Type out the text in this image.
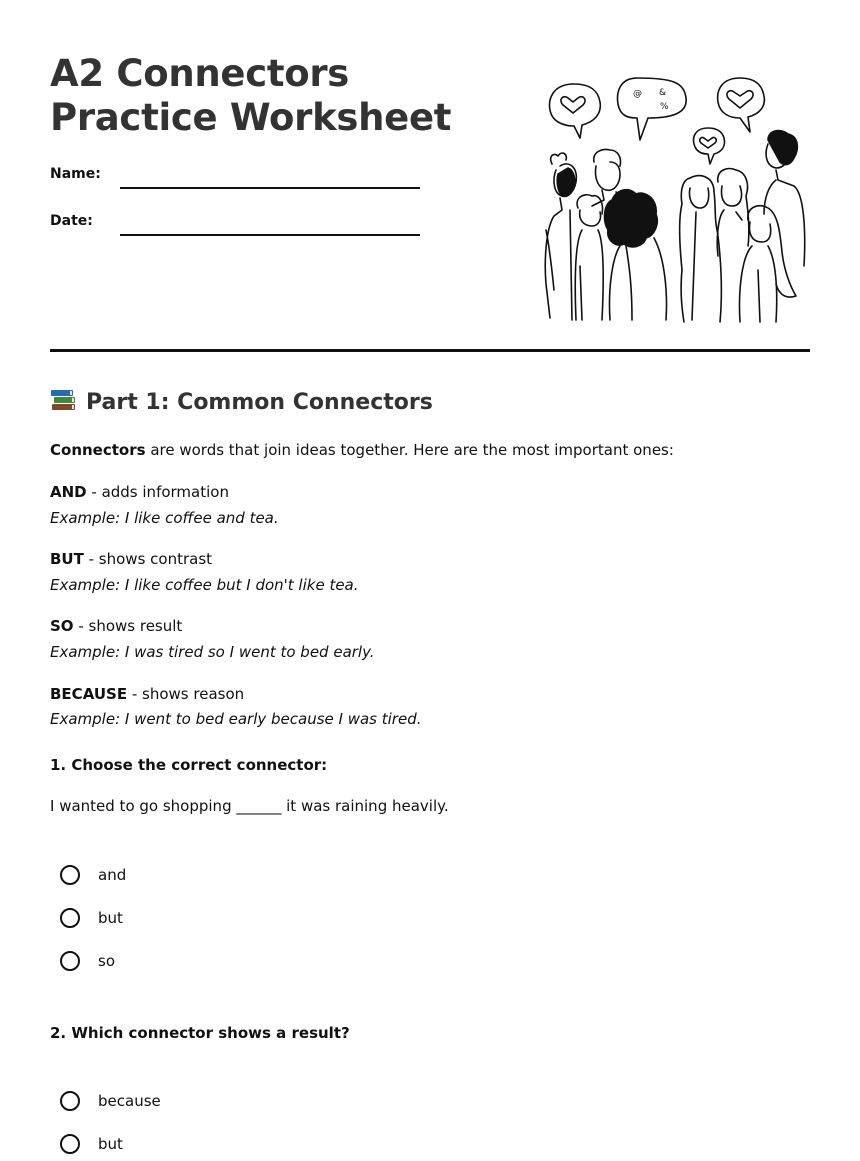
A2 Connectors Practice Worksheet
Name:
Date:
@ &
%
Part 1: Common Connectors
Connectors are words that join ideas together. Here are the most important ones:
AND - adds information
Example: I like coffee and tea.
BUT - shows contrast
Example: I like coffee but I don't like tea.
SO - shows result
Example: I was tired so I went to bed early.
BECAUSE - shows reason
Example: I went to bed early because I was tired.
1. Choose the correct connector:
I wanted to go shopping ______ it was raining heavily.
and
but
so
2. Which connector shows a result?
because
but
